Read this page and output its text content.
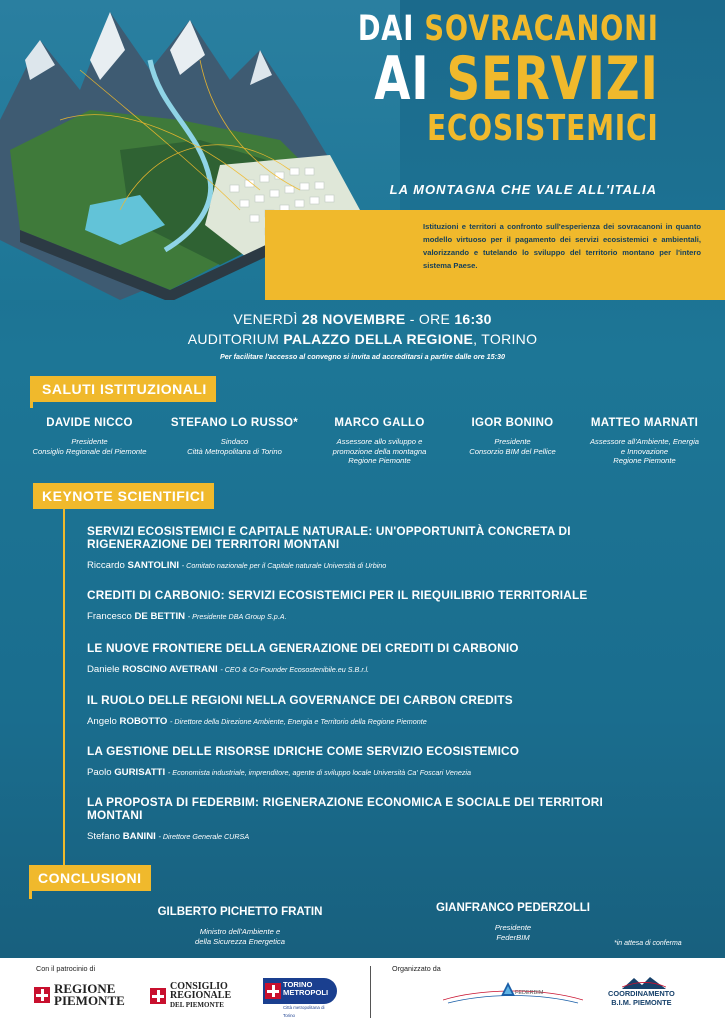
DAI SOVRACANONI
AI SERVIZI
ECOSISTEMICI
LA MONTAGNA CHE VALE ALL'ITALIA

Istituzioni e territori a confronto sull'esperienza dei sovracanoni in quanto modello virtuoso per il pagamento dei servizi ecosistemici e ambientali, valorizzando e tutelando lo sviluppo del territorio montano per l'intero sistema Paese.

VENERDÌ 28 NOVEMBRE - ORE 16:30
AUDITORIUM PALAZZO DELLA REGIONE, TORINO
Per facilitare l'accesso al convegno si invita ad accreditarsi a partire dalle ore 15:30
SALUTI ISTITUZIONALI
DAVIDE NICCO
Presidente
Consiglio Regionale del Piemonte
STEFANO LO RUSSO*
Sindaco
Città Metropolitana di Torino
MARCO GALLO
Assessore allo sviluppo e
promozione della montagna
Regione Piemonte
IGOR BONINO
Presidente
Consorzio BIM del Pellice
MATTEO MARNATI
Assessore all'Ambiente, Energia
e Innovazione
Regione Piemonte
KEYNOTE SCIENTIFICI
SERVIZI ECOSISTEMICI E CAPITALE NATURALE: UN'OPPORTUNITÀ CONCRETA DI RIGENERAZIONE DEI TERRITORI MONTANI
Riccardo SANTOLINI - Comitato nazionale per il Capitale naturale Università di Urbino
CREDITI DI CARBONIO: SERVIZI ECOSISTEMICI PER IL RIEQUILIBRIO TERRITORIALE
Francesco DE BETTIN - Presidente DBA Group S.p.A.
LE NUOVE FRONTIERE DELLA GENERAZIONE DEI CREDITI DI CARBONIO
Daniele ROSCINO AVETRANI - CEO & Co-Founder Ecosostenibile.eu S.B.r.l.
IL RUOLO DELLE REGIONI NELLA GOVERNANCE DEI CARBON CREDITS
Angelo ROBOTTO - Direttore della Direzione Ambiente, Energia e Territorio della Regione Piemonte
LA GESTIONE DELLE RISORSE IDRICHE COME SERVIZIO ECOSISTEMICO
Paolo GURISATTI - Economista industriale, imprenditore, agente di sviluppo locale Università Ca' Foscari Venezia
LA PROPOSTA DI FEDERBIM: RIGENERAZIONE ECONOMICA E SOCIALE DEI TERRITORI MONTANI
Stefano BANINI - Direttore Generale CURSA
CONCLUSIONI
GILBERTO PICHETTO FRATIN
Ministro dell'Ambiente e
della Sicurezza Energetica
GIANFRANCO PEDERZOLLI
Presidente
FederBIM
*in attesa di conferma
Con il patrocinio di	Organizzato da
REGIONE
PIEMONTE
CONSIGLIO
REGIONALE
DEL PIEMONTE
TORINO
METROPOLI
Città metropolitana di Torino
FEDERBIM	COORDINAMENTO
B.I.M. PIEMONTE
